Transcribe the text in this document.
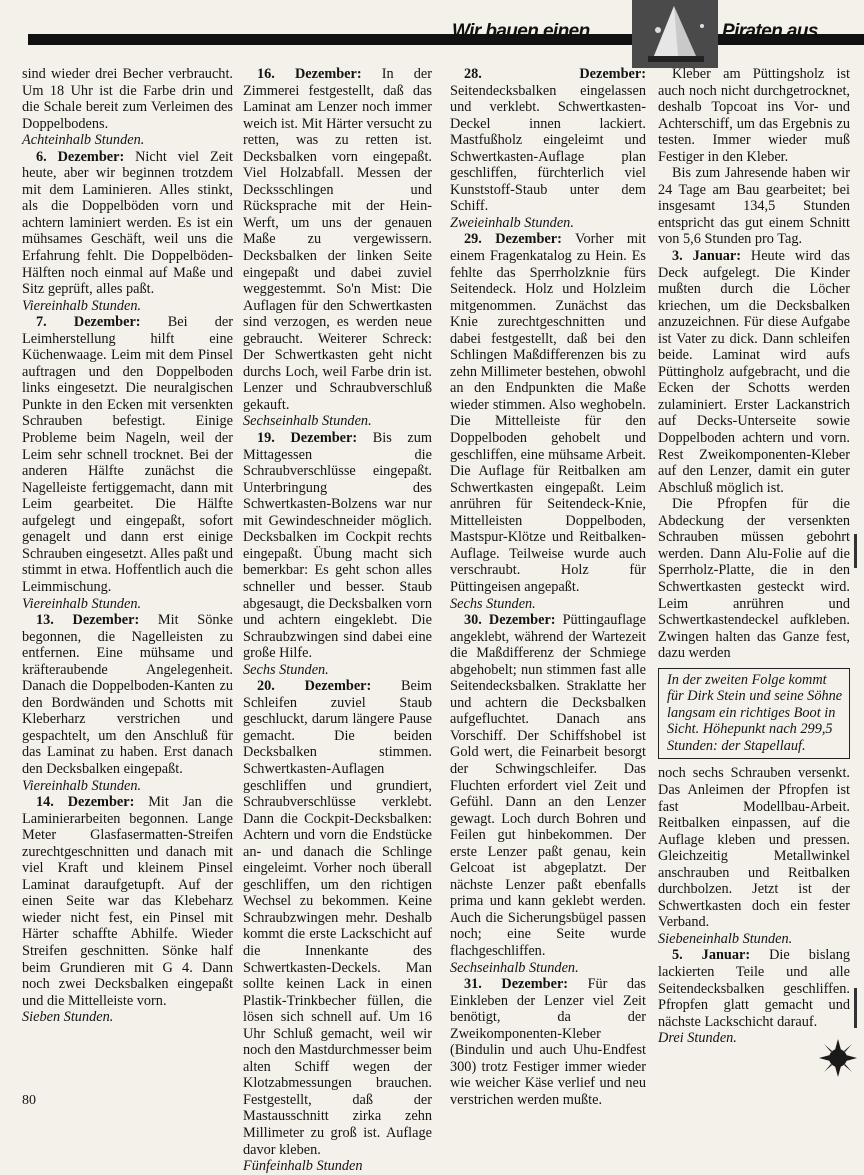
Wir bauen einen	Piraten aus

sind wieder drei Becher verbraucht. Um 18 Uhr ist die Farbe drin und die Schale bereit zum Verleimen des Doppelbodens.

Achteinhalb Stunden.

6. Dezember: Nicht viel Zeit heute, aber wir beginnen trotzdem mit dem Laminieren. Alles stinkt, als die Doppelböden vorn und achtern laminiert werden. Es ist ein mühsames Geschäft, weil uns die Erfahrung fehlt. Die Doppelböden-Hälften noch einmal auf Maße und Sitz geprüft, alles paßt.

Viereinhalb Stunden.

7. Dezember: Bei der Leimherstellung hilft eine Küchenwaage. Leim mit dem Pinsel auftragen und den Doppelboden links eingesetzt. Die neuralgischen Punkte in den Ecken mit versenkten Schrauben befestigt. Einige Probleme beim Nageln, weil der Leim sehr schnell trocknet. Bei der anderen Hälfte zunächst die Nagelleiste fertiggemacht, dann mit Leim gearbeitet. Die Hälfte aufgelegt und eingepaßt, sofort genagelt und dann erst einige Schrauben eingesetzt. Alles paßt und stimmt in etwa. Hoffentlich auch die Leimmischung.

Viereinhalb Stunden.

13. Dezember: Mit Sönke begonnen, die Nagelleisten zu entfernen. Eine mühsame und kräfteraubende Angelegenheit. Danach die Doppelboden-Kanten zu den Bordwänden und Schotts mit Kleberharz verstrichen und gespachtelt, um den Anschluß für das Laminat zu haben. Erst danach den Decksbalken eingepaßt.

Viereinhalb Stunden.

14. Dezember: Mit Jan die Laminierarbeiten begonnen. Lange Meter Glasfasermatten-Streifen zurechtgeschnitten und danach mit viel Kraft und kleinem Pinsel Laminat daraufgetupft. Auf der einen Seite war das Klebeharz wieder nicht fest, ein Pinsel mit Härter schaffte Abhilfe. Wieder Streifen geschnitten. Sönke half beim Grundieren mit G 4. Dann noch zwei Decksbalken eingepaßt und die Mittelleiste vorn.

Sieben Stunden.

16. Dezember: In der Zimmerei festgestellt, daß das Laminat am Lenzer noch immer weich ist. Mit Härter versucht zu retten, was zu retten ist. Decksbalken vorn eingepaßt. Viel Holzabfall. Messen der Decksschlingen und Rücksprache mit der Hein-Werft, um uns der genauen Maße zu vergewissern. Decksbalken der linken Seite eingepaßt und dabei zuviel weggestemmt. So'n Mist: Die Auflagen für den Schwertkasten sind verzogen, es werden neue gebraucht. Weiterer Schreck: Der Schwertkasten geht nicht durchs Loch, weil Farbe drin ist. Lenzer und Schraubverschluß gekauft.

Sechseinhalb Stunden.

19. Dezember: Bis zum Mittagessen die Schraubverschlüsse eingepaßt. Unterbringung des Schwertkasten-Bolzens war nur mit Gewindeschneider möglich. Decksbalken im Cockpit rechts eingepaßt. Übung macht sich bemerkbar: Es geht schon alles schneller und besser. Staub abgesaugt, die Decksbalken vorn und achtern eingeklebt. Die Schraubzwingen sind dabei eine große Hilfe.

Sechs Stunden.

20. Dezember: Beim Schleifen zuviel Staub geschluckt, darum längere Pause gemacht. Die beiden Decksbalken stimmen. Schwertkasten-Auflagen geschliffen und grundiert, Schraubverschlüsse verklebt. Dann die Cockpit-Decksbalken: Achtern und vorn die Endstücke an- und danach die Schlinge eingeleimt. Vorher noch überall geschliffen, um den richtigen Wechsel zu bekommen. Keine Schraubzwingen mehr. Deshalb kommt die erste Lackschicht auf die Innenkante des Schwertkasten-Deckels. Man sollte keinen Lack in einen Plastik-Trinkbecher füllen, die lösen sich schnell auf. Um 16 Uhr Schluß gemacht, weil wir noch den Mastdurchmesser beim alten Schiff wegen der Klotzabmessungen brauchen. Festgestellt, daß der Mastausschnitt zirka zehn Millimeter zu groß ist. Auflage davor kleben.

Fünfeinhalb Stunden

28. Dezember: Seitendecksbalken eingelassen und verklebt. Schwertkasten-Deckel innen lackiert. Mastfußholz eingeleimt und Schwertkasten-Auflage plan geschliffen, fürchterlich viel Kunststoff-Staub unter dem Schiff.

Zweieinhalb Stunden.

29. Dezember: Vorher mit einem Fragenkatalog zu Hein. Es fehlte das Sperrholzknie fürs Seitendeck. Holz und Holzleim mitgenommen. Zunächst das Knie zurechtgeschnitten und dabei festgestellt, daß bei den Schlingen Maßdifferenzen bis zu zehn Millimeter bestehen, obwohl an den Endpunkten die Maße wieder stimmen. Also weghobeln. Die Mittelleiste für den Doppelboden gehobelt und geschliffen, eine mühsame Arbeit. Die Auflage für Reitbalken am Schwertkasten eingepaßt. Leim anrühren für Seitendeck-Knie, Mittelleisten Doppelboden, Mastspur-Klötze und Reitbalken-Auflage. Teilweise wurde auch verschraubt. Holz für Püttingeisen angepaßt.

Sechs Stunden.

30. Dezember: Püttingauflage angeklebt, während der Wartezeit die Maßdifferenz der Schmiege abgehobelt; nun stimmen fast alle Seitendecksbalken. Straklatte her und achtern die Decksbalken aufgefluchtet. Danach ans Vorschiff. Der Schiffshobel ist Gold wert, die Feinarbeit besorgt der Schwingschleifer. Das Fluchten erfordert viel Zeit und Gefühl. Dann an den Lenzer gewagt. Loch durch Bohren und Feilen gut hinbekommen. Der erste Lenzer paßt genau, kein Gelcoat ist abgeplatzt. Der nächste Lenzer paßt ebenfalls prima und kann geklebt werden. Auch die Sicherungsbügel passen noch; eine Seite wurde flachgeschliffen.

Sechseinhalb Stunden.

31. Dezember: Für das Einkleben der Lenzer viel Zeit benötigt, da der Zweikomponenten-Kleber (Bindulin und auch Uhu-Endfest 300) trotz Festiger immer wieder wie weicher Käse verlief und neu verstrichen werden mußte.

Kleber am Püttingsholz ist auch noch nicht durchgetrocknet, deshalb Topcoat ins Vor- und Achterschiff, um das Ergebnis zu testen. Immer wieder muß Festiger in den Kleber.

Bis zum Jahresende haben wir 24 Tage am Bau gearbeitet; bei insgesamt 134,5 Stunden entspricht das gut einem Schnitt von 5,6 Stunden pro Tag.

3. Januar: Heute wird das Deck aufgelegt. Die Kinder mußten durch die Löcher kriechen, um die Decksbalken anzuzeichnen. Für diese Aufgabe ist Vater zu dick. Dann schleifen beide. Laminat wird aufs Püttingholz aufgebracht, und die Ecken der Schotts werden zulaminiert. Erster Lackanstrich auf Decks-Unterseite sowie Doppelboden achtern und vorn. Rest Zweikomponenten-Kleber auf den Lenzer, damit ein guter Abschluß möglich ist.

Die Pfropfen für die Abdeckung der versenkten Schrauben müssen gebohrt werden. Dann Alu-Folie auf die Sperrholz-Platte, die in den Schwertkasten gesteckt wird. Leim anrühren und Schwertkastendeckel aufkleben. Zwingen halten das Ganze fest, dazu werden

In der zweiten Folge kommt für Dirk Stein und seine Söhne langsam ein richtiges Boot in Sicht. Höhepunkt nach 299,5 Stunden: der Stapellauf.

noch sechs Schrauben versenkt. Das Anleimen der Pfropfen ist fast Modellbau-Arbeit. Reitbalken einpassen, auf die Auflage kleben und pressen. Gleichzeitig Metallwinkel anschrauben und Reitbalken durchbolzen. Jetzt ist der Schwertkasten doch ein fester Verband.

Siebeneinhalb Stunden.

5. Januar: Die bislang lackierten Teile und alle Seitendecksbalken geschliffen. Pfropfen glatt gemacht und nächste Lackschicht darauf.

Drei Stunden.

80
